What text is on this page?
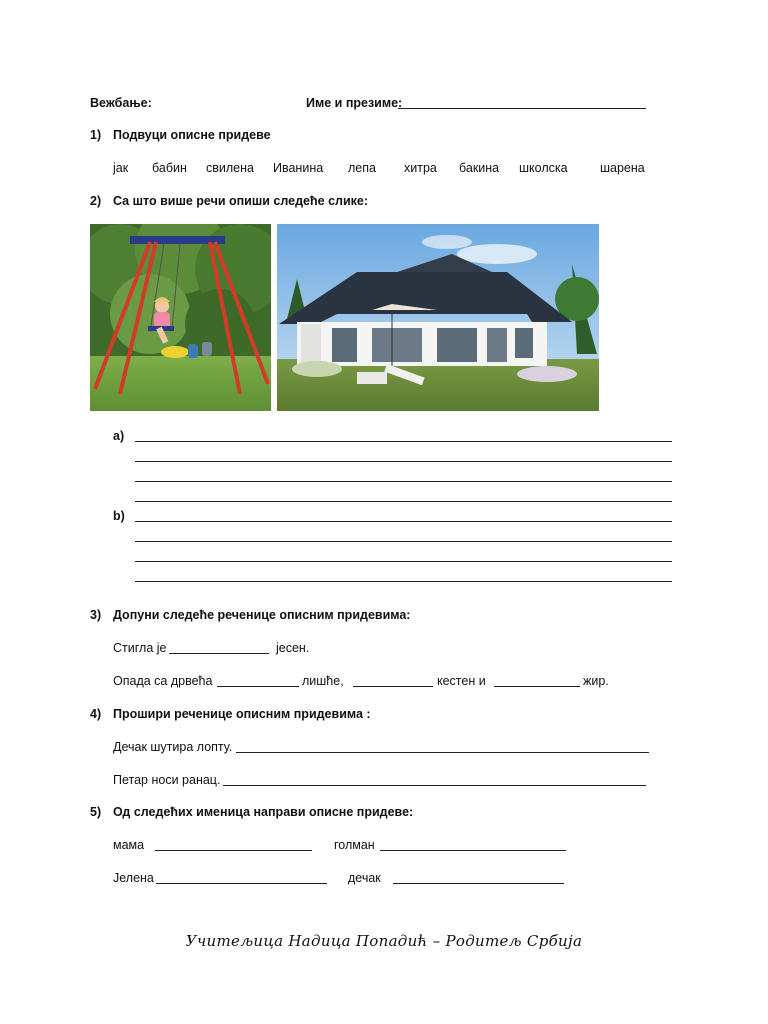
Вежбање:	Име и презиме:
1) Подвуци описне придеве
јак бабин свилена Иванина лепа хитра бакина школска	шарена
2) Са што више речи опиши следеће слике:
а)
b)
3) Допуни следеће реченице описним придевима:
Стигла је	јесен.
Опада са дрвећа	лишће,	кестен и	жир.
4) Прошири реченице описним придевима :
Дечак шутира лопту.
Петар носи ранац.
5) Од следећих именица направи описне придеве:
мама	голман
Јелена	дечак
Учитељица Надица Попадић – Родитељ Србија
